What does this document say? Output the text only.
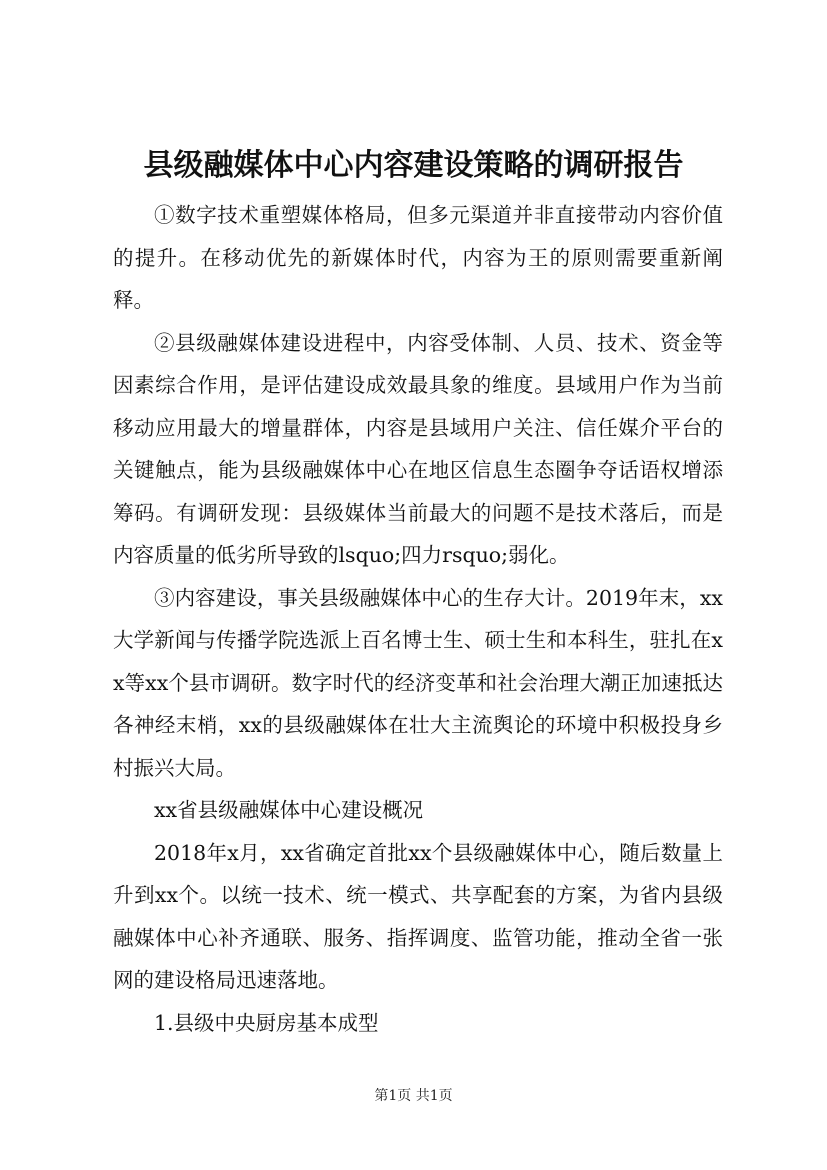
县级融媒体中心内容建设策略的调研报告

①数字技术重塑媒体格局，但多元渠道并非直接带动内容价值的提升。在移动优先的新媒体时代，内容为王的原则需要重新阐释。

②县级融媒体建设进程中，内容受体制、人员、技术、资金等因素综合作用，是评估建设成效最具象的维度。县域用户作为当前移动应用最大的增量群体，内容是县域用户关注、信任媒介平台的关键触点，能为县级融媒体中心在地区信息生态圈争夺话语权增添筹码。有调研发现：县级媒体当前最大的问题不是技术落后，而是内容质量的低劣所导致的lsquo;四力rsquo;弱化。

③内容建设，事关县级融媒体中心的生存大计。2019年末，xx大学新闻与传播学院选派上百名博士生、硕士生和本科生，驻扎在xx等xx个县市调研。数字时代的经济变革和社会治理大潮正加速抵达各神经末梢，xx的县级融媒体在壮大主流舆论的环境中积极投身乡村振兴大局。

xx省县级融媒体中心建设概况

2018年x月，xx省确定首批xx个县级融媒体中心，随后数量上升到xx个。以统一技术、统一模式、共享配套的方案，为省内县级融媒体中心补齐通联、服务、指挥调度、监管功能，推动全省一张网的建设格局迅速落地。

1.县级中央厨房基本成型

第1页 共1页
